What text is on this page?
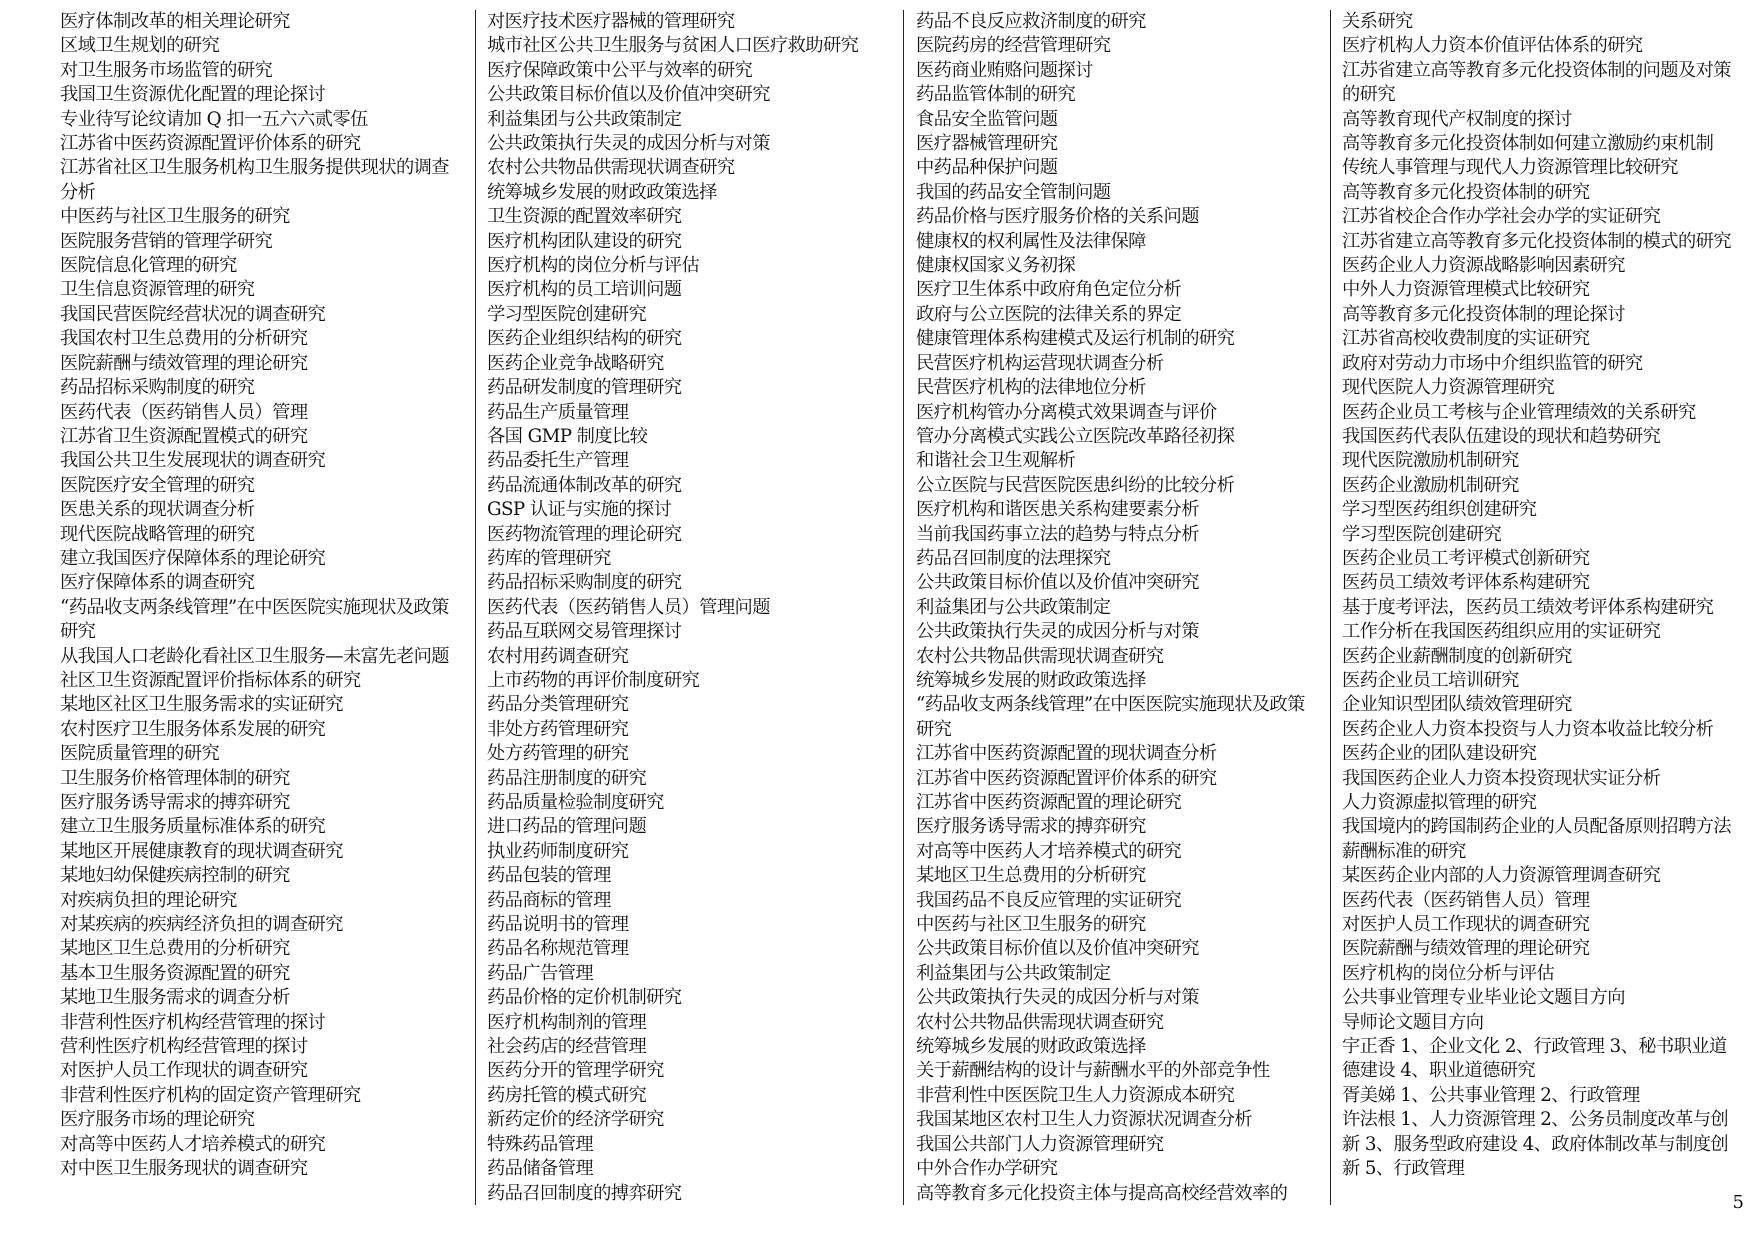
医疗体制改革的相关理论研究
区域卫生规划的研究
对卫生服务市场监管的研究
我国卫生资源优化配置的理论探讨
专业待写论纹请加 Q 扣一五六六贰零伍
江苏省中医药资源配置评价体系的研究
江苏省社区卫生服务机构卫生服务提供现状的调查分析
中医药与社区卫生服务的研究
医院服务营销的管理学研究
医院信息化管理的研究
卫生信息资源管理的研究
我国民营医院经营状况的调查研究
我国农村卫生总费用的分析研究
医院薪酬与绩效管理的理论研究
药品招标采购制度的研究
医药代表（医药销售人员）管理
江苏省卫生资源配置模式的研究
我国公共卫生发展现状的调查研究
医院医疗安全管理的研究
医患关系的现状调查分析
现代医院战略管理的研究
建立我国医疗保障体系的理论研究
医疗保障体系的调查研究
“药品收支两条线管理”在中医医院实施现状及政策研究
从我国人口老龄化看社区卫生服务—未富先老问题
社区卫生资源配置评价指标体系的研究
某地区社区卫生服务需求的实证研究
农村医疗卫生服务体系发展的研究
医院质量管理的研究
卫生服务价格管理体制的研究
医疗服务诱导需求的搏弈研究
建立卫生服务质量标准体系的研究
某地区开展健康教育的现状调查研究
某地妇幼保健疾病控制的研究
对疾病负担的理论研究
对某疾病的疾病经济负担的调查研究
某地区卫生总费用的分析研究
基本卫生服务资源配置的研究
某地卫生服务需求的调查分析
非营利性医疗机构经营管理的探讨
营利性医疗机构经营管理的探讨
对医护人员工作现状的调查研究
非营利性医疗机构的固定资产管理研究
医疗服务市场的理论研究
对高等中医药人才培养模式的研究
对中医卫生服务现状的调查研究
对医疗技术医疗器械的管理研究
城市社区公共卫生服务与贫困人口医疗救助研究
医疗保障政策中公平与效率的研究
公共政策目标价值以及价值冲突研究
利益集团与公共政策制定
公共政策执行失灵的成因分析与对策
农村公共物品供需现状调查研究
统筹城乡发展的财政政策选择
卫生资源的配置效率研究
医疗机构团队建设的研究
医疗机构的岗位分析与评估
医疗机构的员工培训问题
学习型医院创建研究
医药企业组织结构的研究
医药企业竞争战略研究
药品研发制度的管理研究
药品生产质量管理
各国 GMP 制度比较
药品委托生产管理
药品流通体制改革的研究
GSP 认证与实施的探讨
医药物流管理的理论研究
药库的管理研究
药品招标采购制度的研究
医药代表（医药销售人员）管理问题
药品互联网交易管理探讨
农村用药调查研究
上市药物的再评价制度研究
药品分类管理研究
非处方药管理研究
处方药管理的研究
药品注册制度的研究
药品质量检验制度研究
进口药品的管理问题
执业药师制度研究
药品包装的管理
药品商标的管理
药品说明书的管理
药品名称规范管理
药品广告管理
药品价格的定价机制研究
医疗机构制剂的管理
社会药店的经营管理
医药分开的管理学研究
药房托管的模式研究
新药定价的经济学研究
特殊药品管理
药品储备管理
药品召回制度的搏弈研究
药品不良反应救济制度的研究
医院药房的经营管理研究
医药商业贿赂问题探讨
药品监管体制的研究
食品安全监管问题
医疗器械管理研究
中药品种保护问题
我国的药品安全管制问题
药品价格与医疗服务价格的关系问题
健康权的权利属性及法律保障
健康权国家义务初探
医疗卫生体系中政府角色定位分析
政府与公立医院的法律关系的界定
健康管理体系构建模式及运行机制的研究
民营医疗机构运营现状调查分析
民营医疗机构的法律地位分析
医疗机构管办分离模式效果调查与评价
管办分离模式实践公立医院改革路径初探
和谐社会卫生观解析
公立医院与民营医院医患纠纷的比较分析
医疗机构和谐医患关系构建要素分析
当前我国药事立法的趋势与特点分析
药品召回制度的法理探究
公共政策目标价值以及价值冲突研究
利益集团与公共政策制定
公共政策执行失灵的成因分析与对策
农村公共物品供需现状调查研究
统筹城乡发展的财政政策选择
“药品收支两条线管理”在中医医院实施现状及政策研究
江苏省中医药资源配置的现状调查分析
江苏省中医药资源配置评价体系的研究
江苏省中医药资源配置的理论研究
医疗服务诱导需求的搏弈研究
对高等中医药人才培养模式的研究
某地区卫生总费用的分析研究
我国药品不良反应管理的实证研究
中医药与社区卫生服务的研究
公共政策目标价值以及价值冲突研究
利益集团与公共政策制定
公共政策执行失灵的成因分析与对策
农村公共物品供需现状调查研究
统筹城乡发展的财政政策选择
关于薪酬结构的设计与薪酬水平的外部竞争性
非营利性中医医院卫生人力资源成本研究
我国某地区农村卫生人力资源状况调查分析
我国公共部门人力资源管理研究
中外合作办学研究
高等教育多元化投资主体与提高高校经营效率的
关系研究
医疗机构人力资本价值评估体系的研究
江苏省建立高等教育多元化投资体制的问题及对策的研究
高等教育现代产权制度的探讨
高等教育多元化投资体制如何建立激励约束机制
传统人事管理与现代人力资源管理比较研究
高等教育多元化投资体制的研究
江苏省校企合作办学社会办学的实证研究
江苏省建立高等教育多元化投资体制的模式的研究
医药企业人力资源战略影响因素研究
中外人力资源管理模式比较研究
高等教育多元化投资体制的理论探讨
江苏省高校收费制度的实证研究
政府对劳动力市场中介组织监管的研究
现代医院人力资源管理研究
医药企业员工考核与企业管理绩效的关系研究
我国医药代表队伍建设的现状和趋势研究
现代医院激励机制研究
医药企业激励机制研究
学习型医药组织创建研究
学习型医院创建研究
医药企业员工考评模式创新研究
医药员工绩效考评体系构建研究
基于度考评法，医药员工绩效考评体系构建研究
工作分析在我国医药组织应用的实证研究
医药企业薪酬制度的创新研究
医药企业员工培训研究
企业知识型团队绩效管理研究
医药企业人力资本投资与人力资本收益比较分析
医药企业的团队建设研究
我国医药企业人力资本投资现状实证分析
人力资源虚拟管理的研究
我国境内的跨国制药企业的人员配备原则招聘方法薪酬标准的研究
某医药企业内部的人力资源管理调查研究
医药代表（医药销售人员）管理
对医护人员工作现状的调查研究
医院薪酬与绩效管理的理论研究
医疗机构的岗位分析与评估
公共事业管理专业毕业论文题目方向
导师论文题目方向
宇正香 1、企业文化 2、行政管理 3、秘书职业道德建设 4、职业道德研究
胥美娣 1、公共事业管理 2、行政管理
许法根 1、人力资源管理 2、公务员制度改革与创新 3、服务型政府建设 4、政府体制改革与制度创新 5、行政管理
5
